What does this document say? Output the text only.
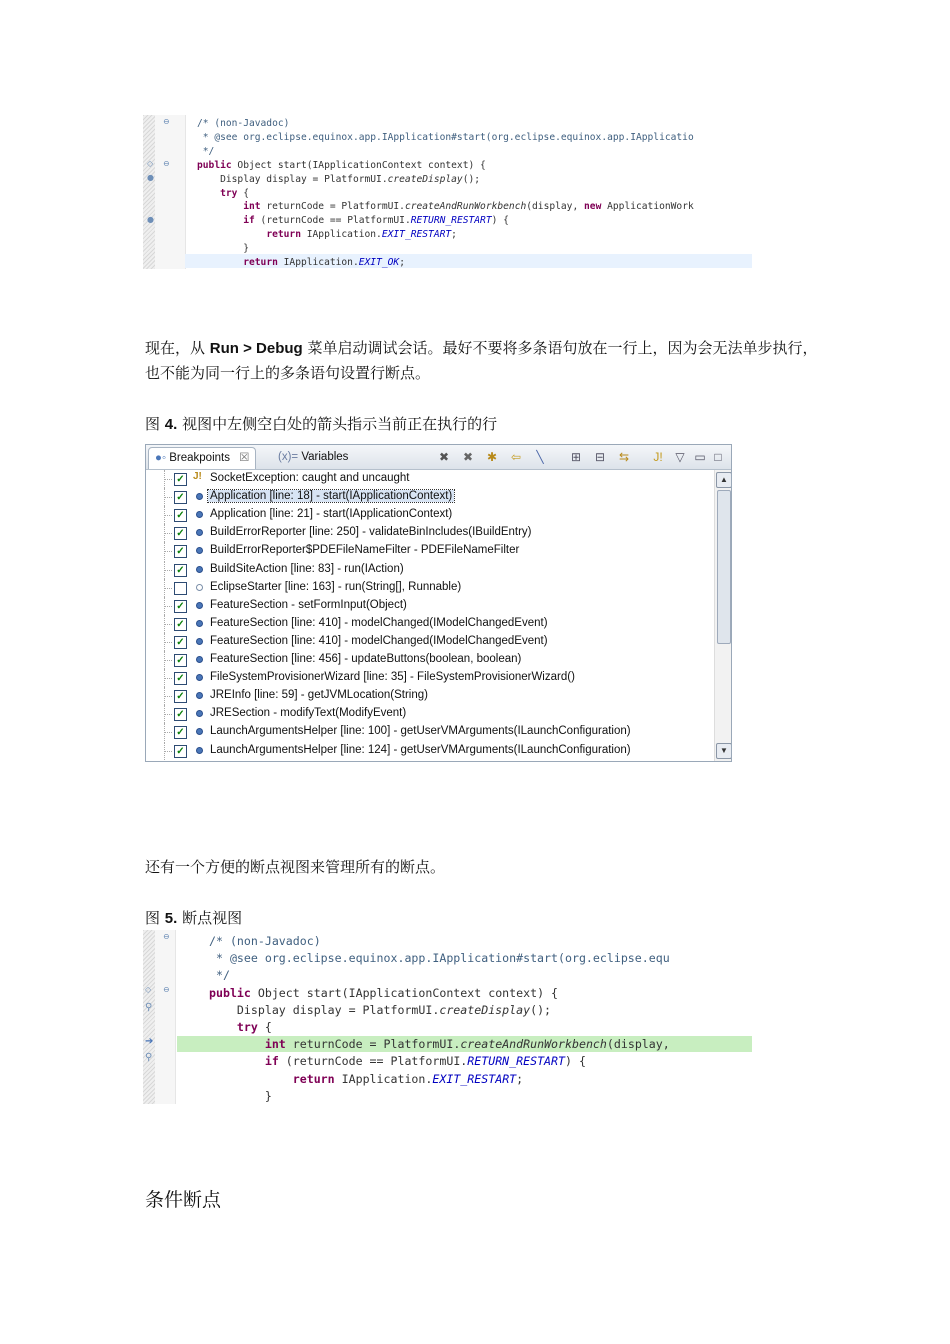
⊖
◇ ⊖
●
●
/* (non-Javadoc)
* @see org.eclipse.equinox.app.IApplication#start(org.eclipse.equinox.app.IApplicatio
*/
public Object start(IApplicationContext context) {
Display display = PlatformUI.createDisplay();
try {
int returnCode = PlatformUI.createAndRunWorkbench(display, new ApplicationWork
if (returnCode == PlatformUI.RETURN_RESTART) {
return IApplication.EXIT_RESTART;
}
return IApplication.EXIT_OK;
现在，从 Run > Debug 菜单启动调试会话。最好不要将多条语句放在一行上，因为会无法单步执行，也不能为同一行上的多条语句设置行断点。
图 4. 视图中左侧空白处的箭头指示当前正在执行的行
●◦ Breakpoints ☒	(x)= Variables	✖ ✖ ✱ ⇦	╲	⊞ ⊟ ⇆ J! ▽ ▭ □
✓ J! SocketException: caught and uncaught
✓ Application [line: 18] - start(IApplicationContext)
✓ Application [line: 21] - start(IApplicationContext)
✓ BuildErrorReporter [line: 250] - validateBinIncludes(IBuildEntry)
✓ BuildErrorReporter$PDEFileNameFilter - PDEFileNameFilter
✓ BuildSiteAction [line: 83] - run(IAction)
EclipseStarter [line: 163] - run(String[], Runnable)
✓ FeatureSection - setFormInput(Object)
✓ FeatureSection [line: 410] - modelChanged(IModelChangedEvent)
✓ FeatureSection [line: 410] - modelChanged(IModelChangedEvent)
✓ FeatureSection [line: 456] - updateButtons(boolean, boolean)
✓ FileSystemProvisionerWizard [line: 35] - FileSystemProvisionerWizard()
✓ JREInfo [line: 59] - getJVMLocation(String)
✓ JRESection - modifyText(ModifyEvent)
✓ LaunchArgumentsHelper [line: 100] - getUserVMArguments(ILaunchConfiguration)
✓ LaunchArgumentsHelper [line: 124] - getUserVMArguments(ILaunchConfiguration)
▲
▼
还有一个方便的断点视图来管理所有的断点。
图 5. 断点视图
⊖
◇ ⊖
⚲
➔
⚲
/* (non-Javadoc)
* @see org.eclipse.equinox.app.IApplication#start(org.eclipse.equ
*/
public Object start(IApplicationContext context) {
Display display = PlatformUI.createDisplay();
try {
int returnCode = PlatformUI.createAndRunWorkbench(display,
if (returnCode == PlatformUI.RETURN_RESTART) {
return IApplication.EXIT_RESTART;
}
条件断点
